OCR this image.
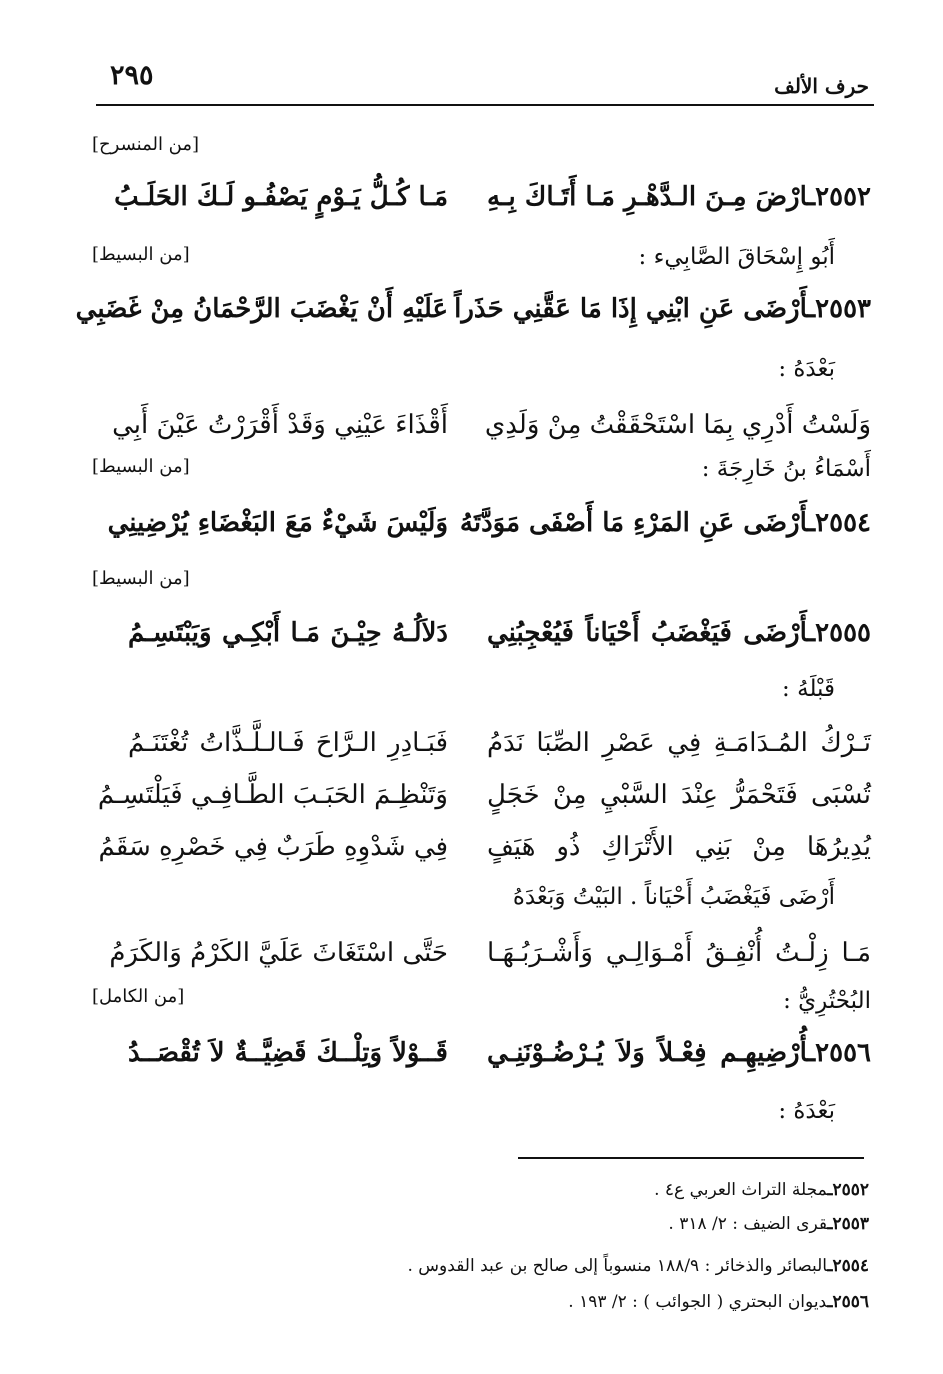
٢٩٥	حرف الألف
[من المنسرح]
٢٥٥٢ـارْضَ مِـنَ الـدَّهْـرِ مَـا أَتَـاكَ بِـهِ
مَـا كُـلُّ يَـوْمٍ يَصْفُـو لَـكَ الحَلَـبُ
أَبُو إِسْحَاقَ الصَّابِيء :
[من البسيط]
٢٥٥٣ـأَرْضَى عَنِ ابْنِي إِذَا مَا عَقَّنِي حَذَراً
عَلَيْهِ أَنْ يَغْضَبَ الرَّحْمَانُ مِنْ غَضَبِي
بَعْدَهُ :
وَلَسْتُ أَدْرِي بِمَا اسْتَحْقَقْتُ مِنْ وَلَدِي
أَقْذَاءَ عَيْنِي وَقَدْ أَقْرَرْتُ عَيْنَ أَبِي
أَسْمَاءُ بنُ خَارِجَةَ :
[من البسيط]
٢٥٥٤ـأَرْضَى عَنِ المَرْءِ مَا أَصْفَى مَوَدَّتَهُ
وَلَيْسَ شَيْءٌ مَعَ البَغْضَاءِ يُرْضِينِي
[من البسيط]
٢٥٥٥ـأَرْضَى فَيَغْضَبُ أَحْيَاناً فَيُعْجِبُنِي
دَلاَلُـهُ حِيْـنَ مَـا أَبْكِـي وَيَبْتَسِـمُ
قَبْلَهُ :
تَـرْكُ المُـدَامَـةِ فِي عَصْرِ الصِّبَا نَدَمُ
فَبَـادِرِ الـرَّاحَ فَـالـلَّـذَّاتُ تُغْتَنَـمُ
تُسْبَى فَتَحْمَرُّ عِنْدَ السَّبْيِ مِنْ خَجَلٍ
وَتَنْظِـمَ الحَبَـبَ الطَّـافِـي فَيَلْتَسِـمُ
يُدِيرُهَا مِنْ بَنِي الأَتْرَاكِ ذُو هَيَفٍ
فِي شَدْوِهِ طَرَبٌ فِي خَصْرِهِ سَقَمُ
أَرْضَى فَيَغْضَبُ أَحْيَاناً . البَيْتُ وَبَعْدَهُ
مَـا زِلْـتُ أُنْفِـقُ أَمْـوَالِـي وَأَشْـرَبُـهَـا
حَتَّى اسْتَغَاثَ عَلَيَّ الكَرْمُ وَالكَرَمُ
البُحْتُرِيُّ :
[من الكامل]
٢٥٥٦ـأُرْضِيهِـم فِعْـلاً وَلاَ يُـرْضُـوْنَنِـي
قَــوْلاً وَتِلْــكَ قَضِيَّــةٌ لاَ تُقْصَــدُ
بَعْدَهُ :
٢٥٥٢ـمجلة التراث العربي ع٤ .
٢٥٥٣ـقرى الضيف : ٢/ ٣١٨ .
٢٥٥٤ـالبصائر والذخائر : ١٨٨/٩ منسوباً إلى صالح بن عبد القدوس .
٢٥٥٦ـديوان البحتري ( الجوائب ) : ٢/ ١٩٣ .
